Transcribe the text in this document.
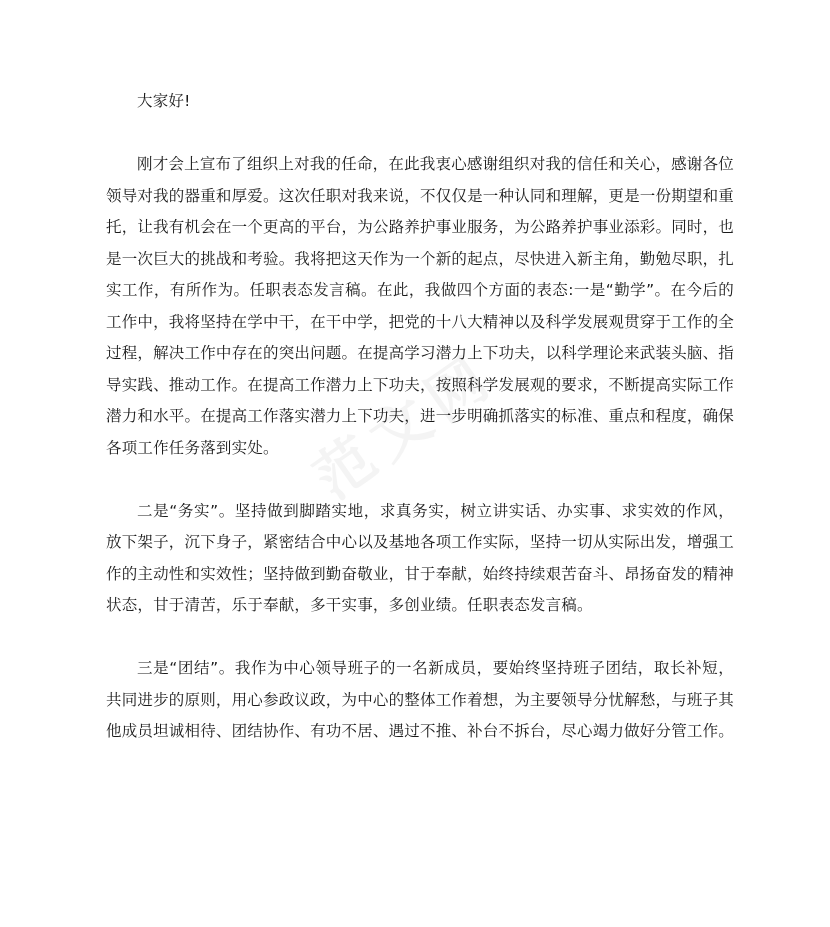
大家好!

刚才会上宣布了组织上对我的任命，在此我衷心感谢组织对我的信任和关心，感谢各位领导对我的器重和厚爱。这次任职对我来说，不仅仅是一种认同和理解，更是一份期望和重托，让我有机会在一个更高的平台，为公路养护事业服务，为公路养护事业添彩。同时，也是一次巨大的挑战和考验。我将把这天作为一个新的起点，尽快进入新主角，勤勉尽职，扎实工作，有所作为。任职表态发言稿。在此，我做四个方面的表态:一是“勤学”。在今后的工作中，我将坚持在学中干，在干中学，把党的十八大精神以及科学发展观贯穿于工作的全过程，解决工作中存在的突出问题。在提高学习潜力上下功夫，以科学理论来武装头脑、指导实践、推动工作。在提高工作潜力上下功夫，按照科学发展观的要求，不断提高实际工作潜力和水平。在提高工作落实潜力上下功夫，进一步明确抓落实的标准、重点和程度，确保各项工作任务落到实处。

二是“务实”。坚持做到脚踏实地，求真务实，树立讲实话、办实事、求实效的作风，放下架子，沉下身子，紧密结合中心以及基地各项工作实际，坚持一切从实际出发，增强工作的主动性和实效性；坚持做到勤奋敬业，甘于奉献，始终持续艰苦奋斗、昂扬奋发的精神状态，甘于清苦，乐于奉献，多干实事，多创业绩。任职表态发言稿。

三是“团结”。我作为中心领导班子的一名新成员，要始终坚持班子团结，取长补短，共同进步的原则，用心参政议政，为中心的整体工作着想，为主要领导分忧解愁，与班子其他成员坦诚相待、团结协作、有功不居、遇过不推、补台不拆台，尽心竭力做好分管工作。
